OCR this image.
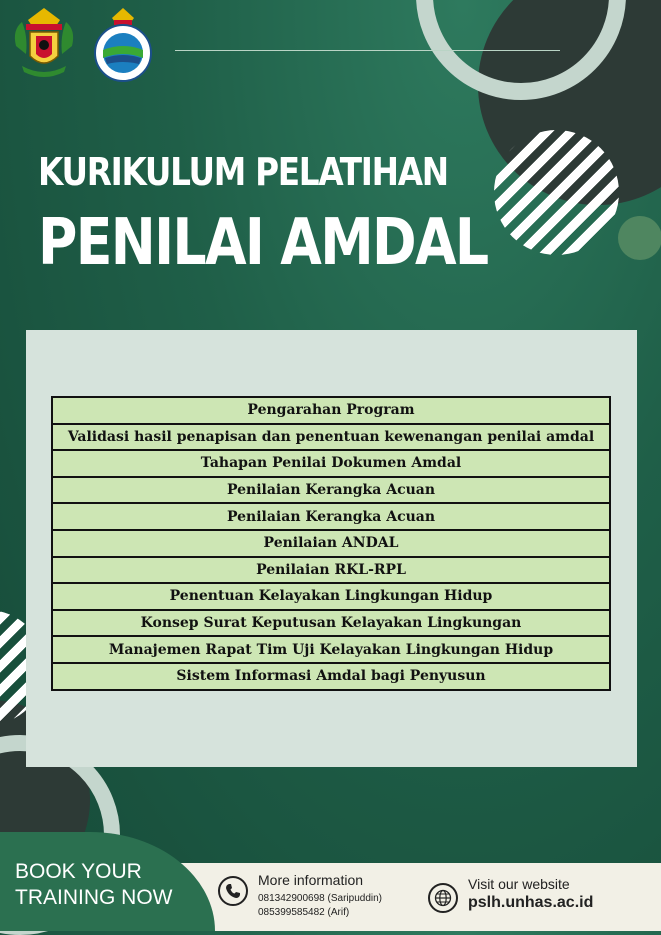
KURIKULUM PELATIHAN
PENILAI AMDAL
Pengarahan Program
Validasi hasil penapisan dan penentuan kewenangan penilai amdal
Tahapan Penilai Dokumen Amdal
Penilaian Kerangka Acuan
Penilaian Kerangka Acuan
Penilaian ANDAL
Penilaian RKL-RPL
Penentuan Kelayakan Lingkungan Hidup
Konsep Surat Keputusan Kelayakan Lingkungan
Manajemen Rapat Tim Uji Kelayakan Lingkungan Hidup
Sistem Informasi Amdal bagi Penyusun
BOOK YOUR
TRAINING NOW
More information
081342900698 (Saripuddin)
085399585482 (Arif)
Visit our website
pslh.unhas.ac.id
